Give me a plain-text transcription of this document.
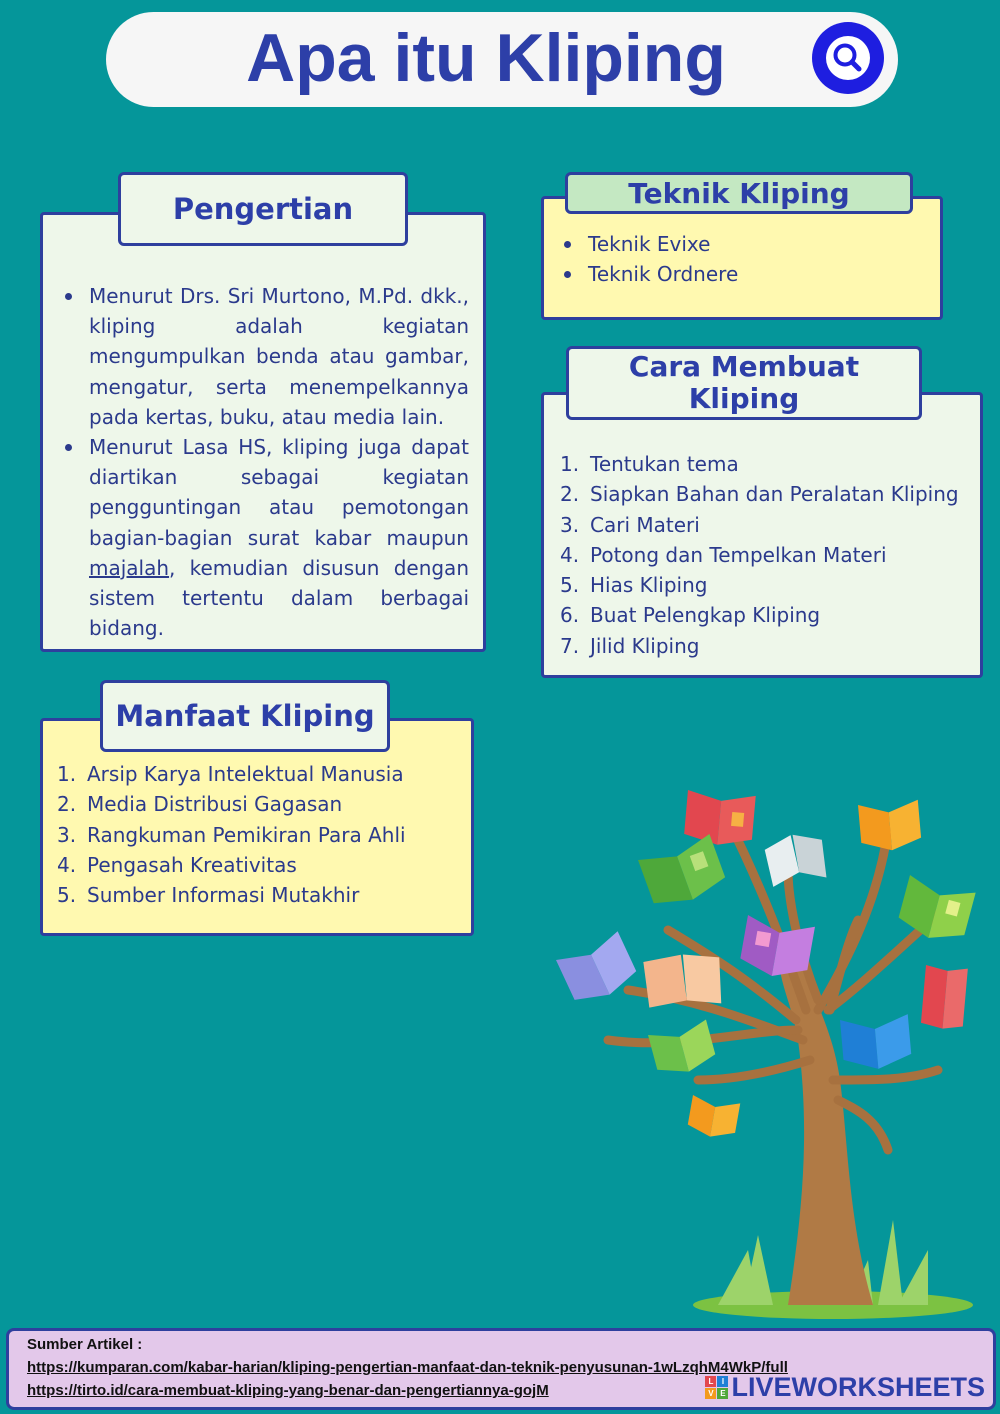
Apa itu Kliping
Menurut Drs. Sri Murtono, M.Pd. dkk., kliping adalah kegiatan mengumpulkan benda atau gambar, mengatur, serta menempelkannya pada kertas, buku, atau media lain.
Menurut Lasa HS, kliping juga dapat diartikan sebagai kegiatan pengguntingan atau pemotongan bagian-bagian surat kabar maupun majalah, kemudian disusun dengan sistem tertentu dalam berbagai bidang.
Pengertian
Teknik Evixe
Teknik Ordnere
Teknik Kliping
1. Tentukan tema
2. Siapkan Bahan dan Peralatan Kliping
3. Cari Materi
4. Potong dan Tempelkan Materi
5. Hias Kliping
6. Buat Pelengkap Kliping
7. Jilid Kliping
Cara Membuat Kliping
1. Arsip Karya Intelektual Manusia
2. Media Distribusi Gagasan
3. Rangkuman Pemikiran Para Ahli
4. Pengasah Kreativitas
5. Sumber Informasi Mutakhir
Manfaat Kliping
Sumber Artikel :
https://kumparan.com/kabar-harian/kliping-pengertian-manfaat-dan-teknik-penyusunan-1wLzqhM4WkP/full
https://tirto.id/cara-membuat-kliping-yang-benar-dan-pengertiannya-gojM
L	I
V E LIVEWORKSHEETS
